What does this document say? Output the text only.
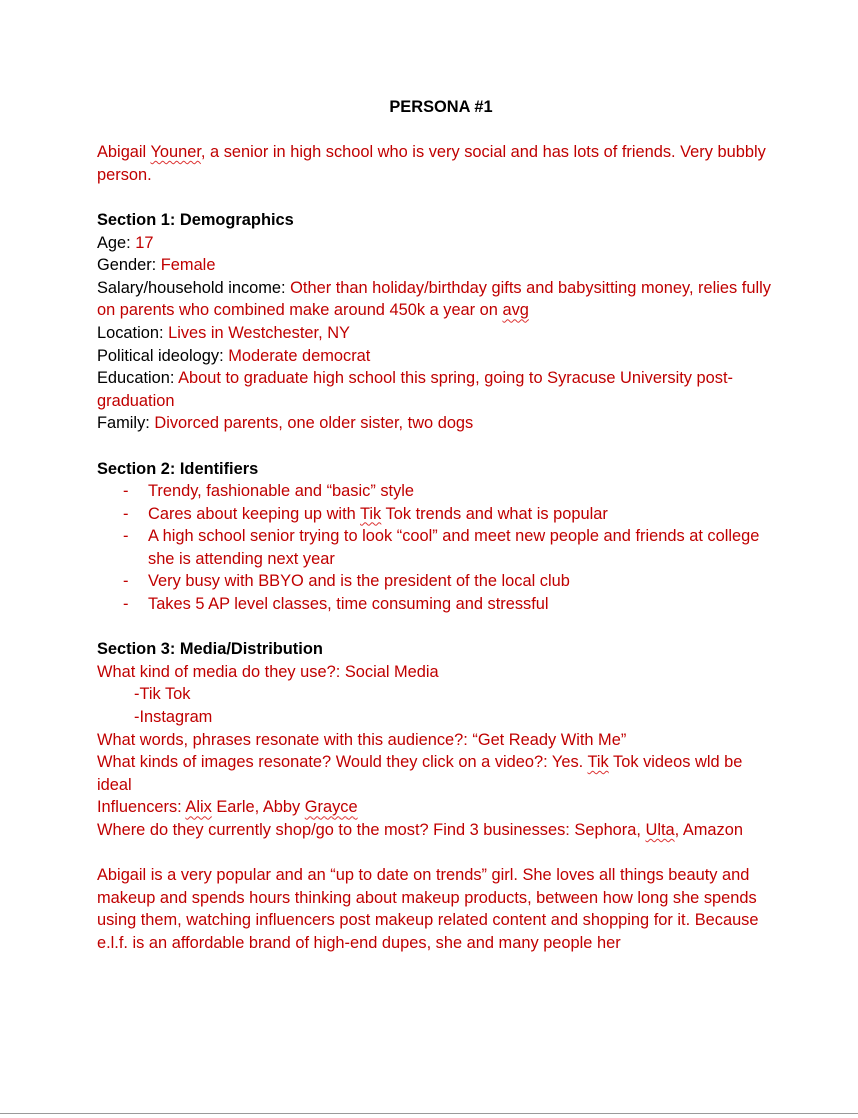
PERSONA #1

Abigail Youner, a senior in high school who is very social and has lots of friends. Very bubbly person.

Section 1: Demographics

Age: 17

Gender: Female

Salary/household income: Other than holiday/birthday gifts and babysitting money, relies fully on parents who combined make around 450k a year on avg

Location: Lives in Westchester, NY

Political ideology: Moderate democrat

Education: About to graduate high school this spring, going to Syracuse University post-graduation

Family: Divorced parents, one older sister, two dogs

Section 2: Identifiers

- Trendy, fashionable and “basic” style
- Cares about keeping up with Tik Tok trends and what is popular
- A high school senior trying to look “cool” and meet new people and friends at college she is attending next year
- Very busy with BBYO and is the president of the local club
- Takes 5 AP level classes, time consuming and stressful

Section 3: Media/Distribution

What kind of media do they use?: Social Media

-Tik Tok

-Instagram

What words, phrases resonate with this audience?: “Get Ready With Me”

What kinds of images resonate? Would they click on a video?: Yes. Tik Tok videos wld be ideal

Influencers: Alix Earle, Abby Grayce

Where do they currently shop/go to the most? Find 3 businesses: Sephora, Ulta, Amazon

Abigail is a very popular and an “up to date on trends” girl. She loves all things beauty and makeup and spends hours thinking about makeup products, between how long she spends using them, watching influencers post makeup related content and shopping for it. Because e.l.f. is an affordable brand of high-end dupes, she and many people her
